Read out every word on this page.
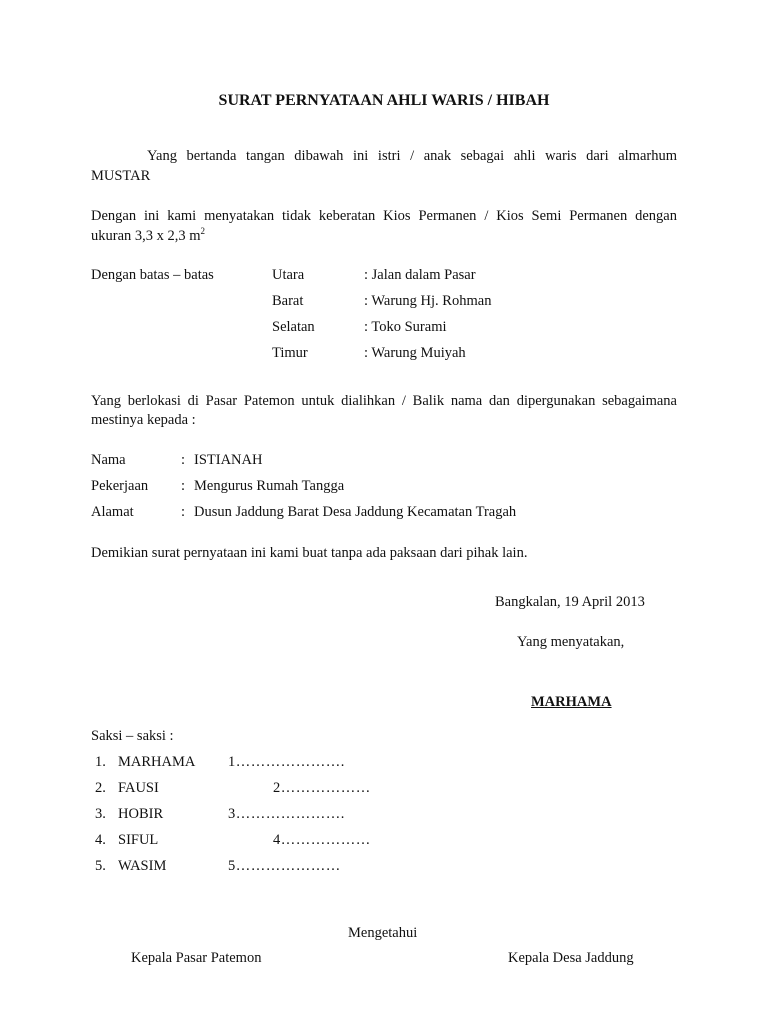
SURAT PERNYATAAN AHLI WARIS / HIBAH
Yang bertanda tangan dibawah ini istri / anak sebagai ahli waris dari almarhum
MUSTAR
Dengan ini kami menyatakan tidak keberatan Kios Permanen / Kios Semi Permanen dengan
ukuran 3,3 x 2,3 $m^2$
Dengan batas – batas	Utara	: Jalan dalam Pasar
Barat	: Warung Hj. Rohman
Selatan	: Toko Surami
Timur	: Warung Muiyah
Yang berlokasi di Pasar Patemon untuk dialihkan / Balik nama dan dipergunakan sebagaimana
mestinya kepada :
Nama	: ISTIANAH
Pekerjaan : Mengurus Rumah Tangga
Alamat	: Dusun Jaddung Barat Desa Jaddung Kecamatan Tragah
Demikian surat pernyataan ini kami buat tanpa ada paksaan dari pihak lain.
Bangkalan, 19 April 2013
Yang menyatakan,
MARHAMA
Saksi – saksi :
1. MARHAMA 1………………….
2. FAUSI	2………………
3. HOBIR	3………………….
4. SIFUL	4………………
5. WASIM	5…………………
Mengetahui
Kepala Pasar Patemon	Kepala Desa Jaddung
